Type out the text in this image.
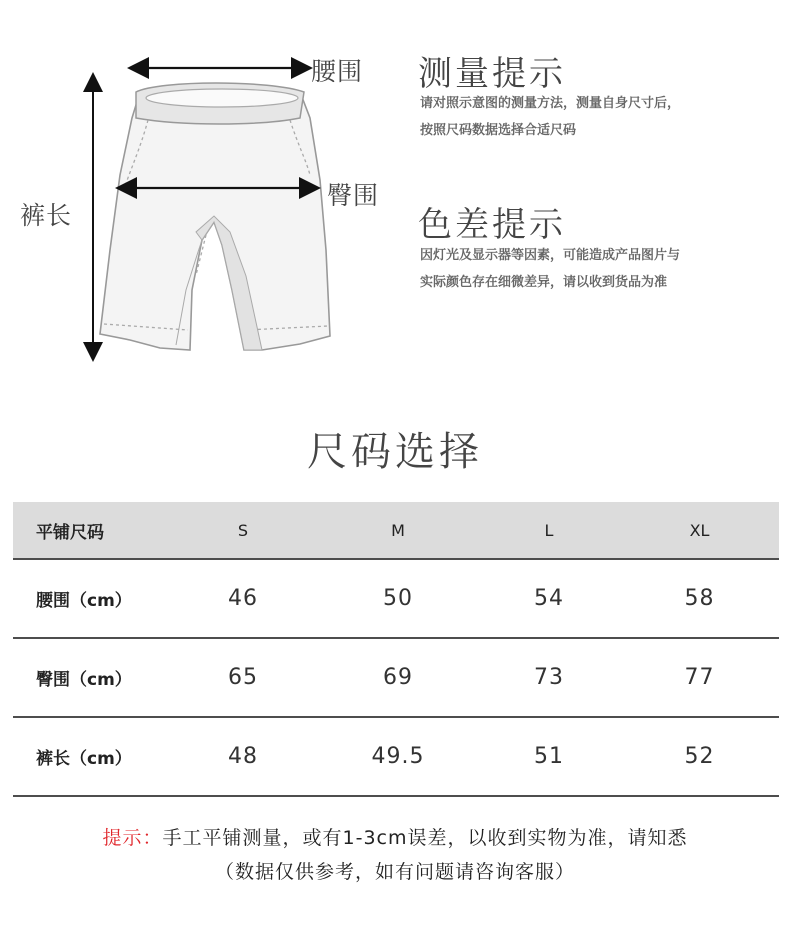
腰围
臀围
裤长
测量提示
请对照示意图的测量方法，测量自身尺寸后，
按照尺码数据选择合适尺码
色差提示
因灯光及显示器等因素，可能造成产品图片与
实际颜色存在细微差异，请以收到货品为准
尺码选择
平铺尺码	S	M	L	XL
腰围（cm）	46	50	54	58
臀围（cm）	65	69	73	77
裤长（cm）	48	49.5	51	52
提示：手工平铺测量，或有1-3cm误差，以收到实物为准，请知悉
（数据仅供参考，如有问题请咨询客服）
